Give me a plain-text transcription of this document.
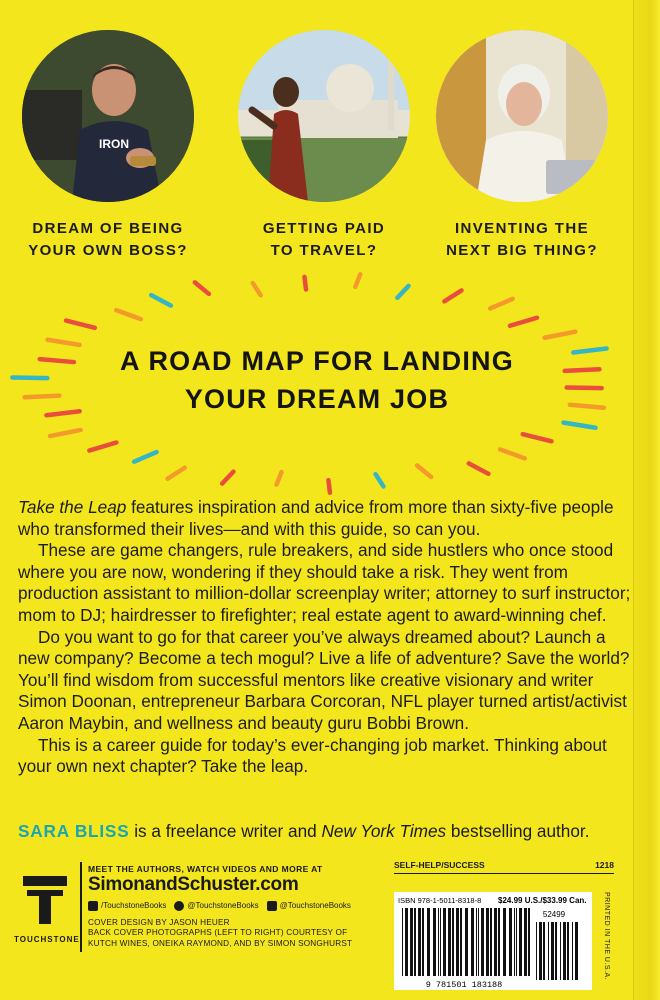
IRON
DREAM OF BEING
YOUR OWN BOSS?
GETTING PAID
TO TRAVEL?
INVENTING THE
NEXT BIG THING?
A ROAD MAP FOR LANDING
YOUR DREAM JOB

Take the Leap features inspiration and advice from more than sixty-five people who transformed their lives—and with this guide, so can you.

These are game changers, rule breakers, and side hustlers who once stood where you are now, wondering if they should take a risk. They went from production assistant to million-dollar screenplay writer; attorney to surf instructor; mom to DJ; hairdresser to firefighter; real estate agent to award-winning chef.

Do you want to go for that career you’ve always dreamed about? Launch a new company? Become a tech mogul? Live a life of adventure? Save the world? You’ll find wisdom from successful mentors like creative visionary and writer Simon Doonan, entrepreneur Barbara Corcoran, NFL player turned artist/activist Aaron Maybin, and wellness and beauty guru Bobbi Brown.

This is a career guide for today’s ever-changing job market. Thinking about your own next chapter? Take the leap.

SARA BLISS is a freelance writer and New York Times bestselling author.
TOUCHSTONE
MEET THE AUTHORS, WATCH VIDEOS AND MORE AT
SimonandSchuster.com
/TouchstoneBooks	@TouchstoneBooks	@TouchstoneBooks
COVER DESIGN BY JASON HEUER
BACK COVER PHOTOGRAPHS (LEFT TO RIGHT) COURTESY OF
KUTCH WINES, ONEIKA RAYMOND, AND BY SIMON SONGHURST
SELF-HELP/SUCCESS	1218
ISBN 978-1-5011-8318-8 $24.99 U.S./$33.99 Can.
52499
9 781501 183188
PRINTED IN THE U.S.A.
